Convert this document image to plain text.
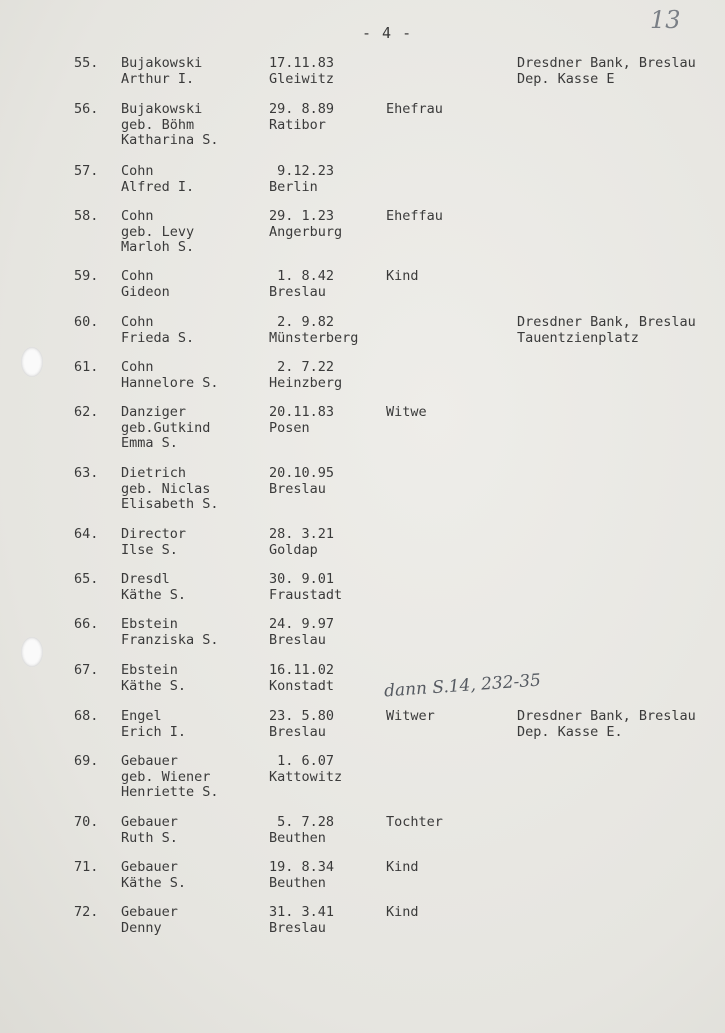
- 4 -	13
55. Bujakowski
Arthur I.
17.11.83
Gleiwitz
Dresdner Bank, Breslau
Dep. Kasse E
56. Bujakowski
geb. Böhm
Katharina S.
29. 8.89
Ratibor
Ehefrau
57. Cohn
Alfred I.
9.12.23
Berlin
58. Cohn
geb. Levy
Marloh S.
29. 1.23
Angerburg
Eheffau
59. Cohn
Gideon
1. 8.42
Breslau
Kind
60. Cohn
Frieda S.
2. 9.82
Münsterberg
Dresdner Bank, Breslau
Tauentzienplatz
61. Cohn
Hannelore S.
2. 7.22
Heinzberg
62. Danziger
geb.Gutkind
Emma S.
20.11.83
Posen
Witwe
63. Dietrich
geb. Niclas
Elisabeth S.
20.10.95
Breslau
64. Director
Ilse S.
28. 3.21
Goldap
65. Dresdl
Käthe S.
30. 9.01
Fraustadt
66. Ebstein
Franziska S.
24. 9.97
Breslau
67. Ebstein
Käthe S.
16.11.02
Konstadt
68. Engel
Erich I.
23. 5.80
Breslau
Witwer	Dresdner Bank, Breslau
Dep. Kasse E.
69. Gebauer
geb. Wiener
Henriette S.
1. 6.07
Kattowitz
70. Gebauer
Ruth S.
5. 7.28
Beuthen
Tochter
71. Gebauer
Käthe S.
19. 8.34
Beuthen
Kind
72. Gebauer
Denny
31. 3.41
Breslau
Kind
dann S.14, 232-35
